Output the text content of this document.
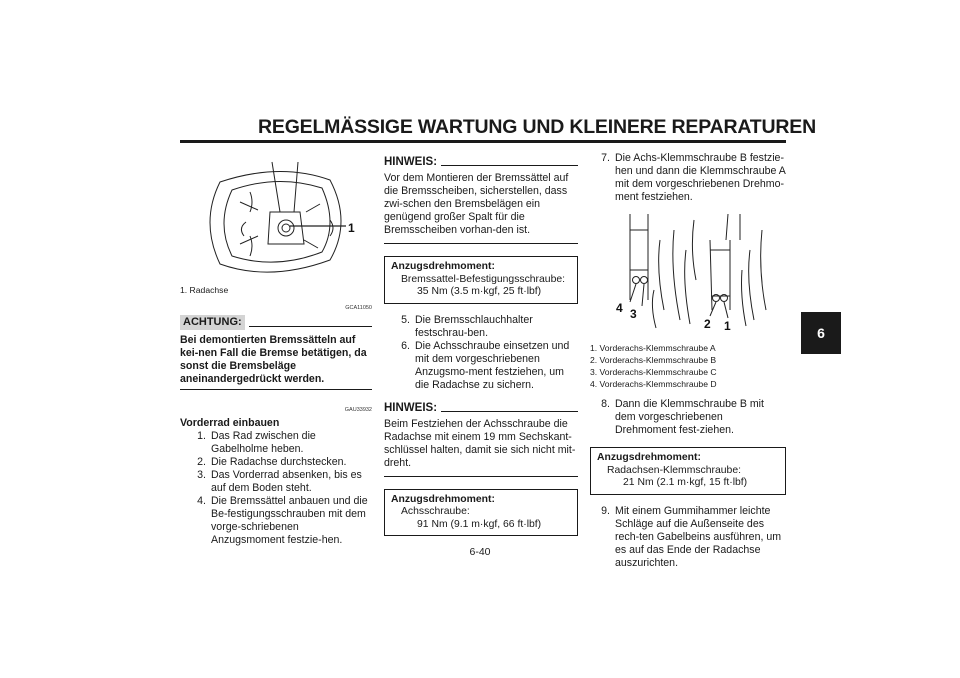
REGELMÄSSIGE WARTUNG UND KLEINERE REPARATUREN
6
1
1. Radachse
GCA11050
ACHTUNG:
Bei demontierten Bremssätteln auf kei-nen Fall die Bremse betätigen, da sonst die Bremsbeläge aneinandergedrückt werden.
GAU33932
Vorderrad einbauen
1. Das Rad zwischen die Gabelholme heben.
2. Die Radachse durchstecken.
3. Das Vorderrad absenken, bis es auf dem Boden steht.
4. Die Bremssättel anbauen und die Be-festigungsschrauben mit dem vorge-schriebenen Anzugsmoment festzie-hen.
HINWEIS:
Vor dem Montieren der Bremssättel auf die Bremsscheiben, sicherstellen, dass zwi-schen den Bremsbelägen ein genügend großer Spalt für die Bremsscheiben vorhan-den ist.
Anzugsdrehmoment:
Bremssattel-Befestigungsschraube:
35 Nm (3.5 m·kgf, 25 ft·lbf)
5. Die Bremsschlauchhalter festschrau-ben.
6. Die Achsschraube einsetzen und mit dem vorgeschriebenen Anzugsmo-ment festziehen, um die Radachse zu sichern.
HINWEIS:
Beim Festziehen der Achsschraube die Radachse mit einem 19 mm Sechskant-schlüssel halten, damit sie sich nicht mit-dreht.
Anzugsdrehmoment:
Achsschraube:
91 Nm (9.1 m·kgf, 66 ft·lbf)
7. Die Achs-Klemmschraube B festzie-hen und dann die Klemmschraube A mit dem vorgeschriebenen Drehmo-ment festziehen.
4 3
2 1
1. Vorderachs-Klemmschraube A
2. Vorderachs-Klemmschraube B
3. Vorderachs-Klemmschraube C
4. Vorderachs-Klemmschraube D
8. Dann die Klemmschraube B mit dem vorgeschriebenen Drehmoment fest-ziehen.
Anzugsdrehmoment:
Radachsen-Klemmschraube:
21 Nm (2.1 m·kgf, 15 ft·lbf)
9. Mit einem Gummihammer leichte Schläge auf die Außenseite des rech-ten Gabelbeins ausführen, um es auf das Ende der Radachse auszurichten.
6-40
